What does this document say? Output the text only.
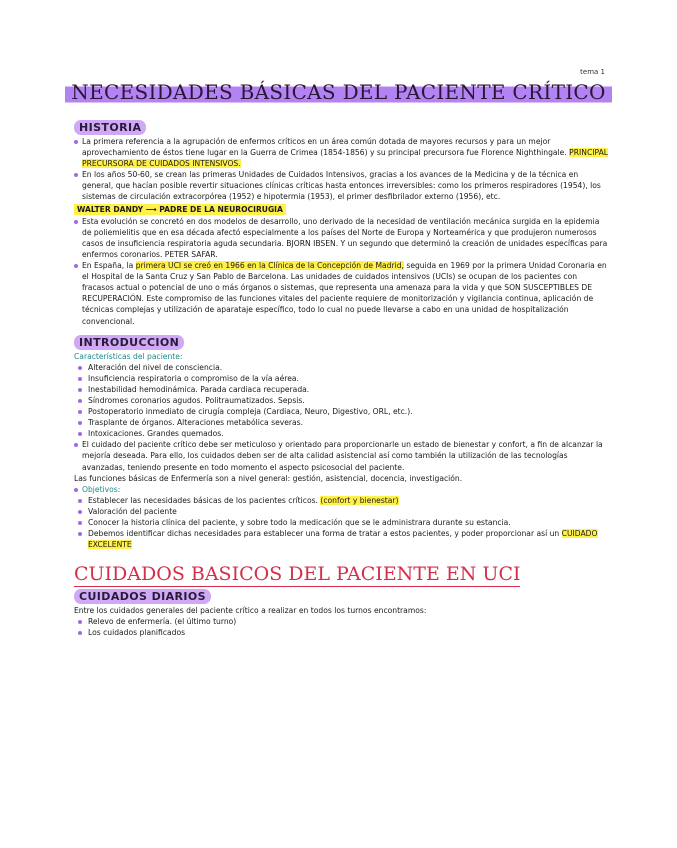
tema 1
NECESIDADES BÁSICAS DEL PACIENTE CRÍTICO
HISTORIA

La primera referencia a la agrupación de enfermos críticos en un área común dotada de mayores recursos y para un mejor aprovechamiento de éstos tiene lugar en la Guerra de Crimea (1854-1856) y su principal precursora fue Florence Nighthingale. PRINCIPAL PRECURSORA DE CUIDADOS INTENSIVOS.

En los años 50-60, se crean las primeras Unidades de Cuidados Intensivos, gracias a los avances de la Medicina y de la técnica en general, que hacían posible revertir situaciones clínicas críticas hasta entonces irreversibles: como los primeros respiradores (1954), los sistemas de circulación extracorpórea (1952) e hipotermia (1953), el primer desfibrilador externo (1956), etc.

WALTER DANDY ⟶ PADRE DE LA NEUROCIRUGIA

Esta evolución se concretó en dos modelos de desarrollo, uno derivado de la necesidad de ventilación mecánica surgida en la epidemia de poliemielitis que en esa década afectó especialmente a los países del Norte de Europa y Norteamérica y que produjeron numerosos casos de insuficiencia respiratoria aguda secundaria. BJORN IBSEN. Y un segundo que determinó la creación de unidades específicas para enfermos coronarios. PETER SAFAR.

En España, la primera UCI se creó en 1966 en la Clínica de la Concepción de Madrid, seguida en 1969 por la primera Unidad Coronaria en el Hospital de la Santa Cruz y San Pablo de Barcelona. Las unidades de cuidados intensivos (UCIs) se ocupan de los pacientes con fracasos actual o potencial de uno o más órganos o sistemas, que representa una amenaza para la vida y que SON SUSCEPTIBLES DE RECUPERACIÓN. Este compromiso de las funciones vitales del paciente requiere de monitorización y vigilancia continua, aplicación de técnicas complejas y utilización de aparataje específico, todo lo cual no puede llevarse a cabo en una unidad de hospitalización convencional.

INTRODUCCION
Características del paciente:
Alteración del nivel de consciencia.
Insuficiencia respiratoria o compromiso de la vía aérea.
Inestabilidad hemodinámica. Parada cardiaca recuperada.
Síndromes coronarios agudos. Politraumatizados. Sepsis.
Postoperatorio inmediato de cirugía compleja (Cardiaca, Neuro, Digestivo, ORL, etc.).
Trasplante de órganos. Alteraciones metabólica severas.
Intoxicaciones. Grandes quemados.

El cuidado del paciente crítico debe ser meticuloso y orientado para proporcionarle un estado de bienestar y confort, a fin de alcanzar la mejoría deseada. Para ello, los cuidados deben ser de alta calidad asistencial así como también la utilización de las tecnologías avanzadas, teniendo presente en todo momento el aspecto psicosocial del paciente.

Las funciones básicas de Enfermería son a nivel general: gestión, asistencial, docencia, investigación.

Objetivos:

Establecer las necesidades básicas de los pacientes críticos. (confort y bienestar)
Valoración del paciente
Conocer la historia clínica del paciente, y sobre todo la medicación que se le administrara durante su estancia.
Debemos identificar dichas necesidades para establecer una forma de tratar a estos pacientes, y poder proporcionar así un CUIDADO EXCELENTE
CUIDADOS BASICOS DEL PACIENTE EN UCI
CUIDADOS DIARIOS

Entre los cuidados generales del paciente crítico a realizar en todos los turnos encontramos:

Relevo de enfermería. (el último turno)
Los cuidados planificados
